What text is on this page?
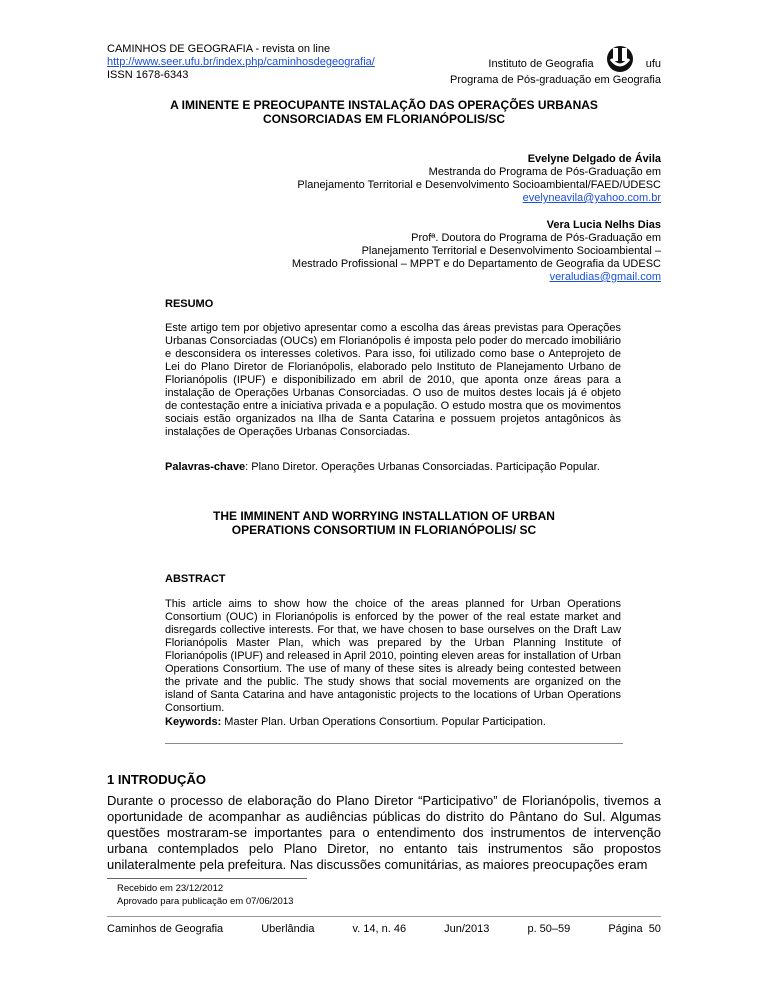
CAMINHOS DE GEOGRAFIA - revista on line
http://www.seer.ufu.br/index.php/caminhosdegeografia/
ISSN 1678-6343
Instituto de Geografia	ufu
Programa de Pós-graduação em Geografia
A IMINENTE E PREOCUPANTE INSTALAÇÃO DAS OPERAÇÕES URBANAS
CONSORCIADAS EM FLORIANÓPOLIS/SC
Evelyne Delgado de Ávila
Mestranda do Programa de Pós-Graduação em
Planejamento Territorial e Desenvolvimento Socioambiental/FAED/UDESC
evelyneavila@yahoo.com.br
Vera Lucia Nelhs Dias
Profª. Doutora do Programa de Pós-Graduação em
Planejamento Territorial e Desenvolvimento Socioambiental –
Mestrado Profissional – MPPT e do Departamento de Geografia da UDESC
veraludias@gmail.com
RESUMO
Este artigo tem por objetivo apresentar como a escolha das áreas previstas para Operações Urbanas Consorciadas (OUCs) em Florianópolis é imposta pelo poder do mercado imobiliário e desconsidera os interesses coletivos. Para isso, foi utilizado como base o Anteprojeto de Lei do Plano Diretor de Florianópolis, elaborado pelo Instituto de Planejamento Urbano de Florianópolis (IPUF) e disponibilizado em abril de 2010, que aponta onze áreas para a instalação de Operações Urbanas Consorciadas. O uso de muitos destes locais já é objeto de contestação entre a iniciativa privada e a população. O estudo mostra que os movimentos sociais estão organizados na Ilha de Santa Catarina e possuem projetos antagônicos às instalações de Operações Urbanas Consorciadas.
Palavras-chave: Plano Diretor. Operações Urbanas Consorciadas. Participação Popular.
THE IMMINENT AND WORRYING INSTALLATION OF URBAN
OPERATIONS CONSORTIUM IN FLORIANÓPOLIS/ SC
ABSTRACT
This article aims to show how the choice of the areas planned for Urban Operations Consortium (OUC) in Florianópolis is enforced by the power of the real estate market and disregards collective interests. For that, we have chosen to base ourselves on the Draft Law Florianópolis Master Plan, which was prepared by the Urban Planning Institute of Florianópolis (IPUF) and released in April 2010, pointing eleven areas for installation of Urban Operations Consortium. The use of many of these sites is already being contested between the private and the public. The study shows that social movements are organized on the island of Santa Catarina and have antagonistic projects to the locations of Urban Operations Consortium.
Keywords: Master Plan. Urban Operations Consortium. Popular Participation.
1 INTRODUÇÃO
Durante o processo de elaboração do Plano Diretor “Participativo” de Florianópolis, tivemos a oportunidade de acompanhar as audiências públicas do distrito do Pântano do Sul. Algumas questões mostraram-se importantes para o entendimento dos instrumentos de intervenção urbana contemplados pelo Plano Diretor, no entanto tais instrumentos são propostos unilateralmente pela prefeitura. Nas discussões comunitárias, as maiores preocupações eram
Recebido em 23/12/2012
Aprovado para publicação em 07/06/2013
Caminhos de Geografia	Uberlândia	v. 14, n. 46	Jun/2013	p. 50–59	Página  50
